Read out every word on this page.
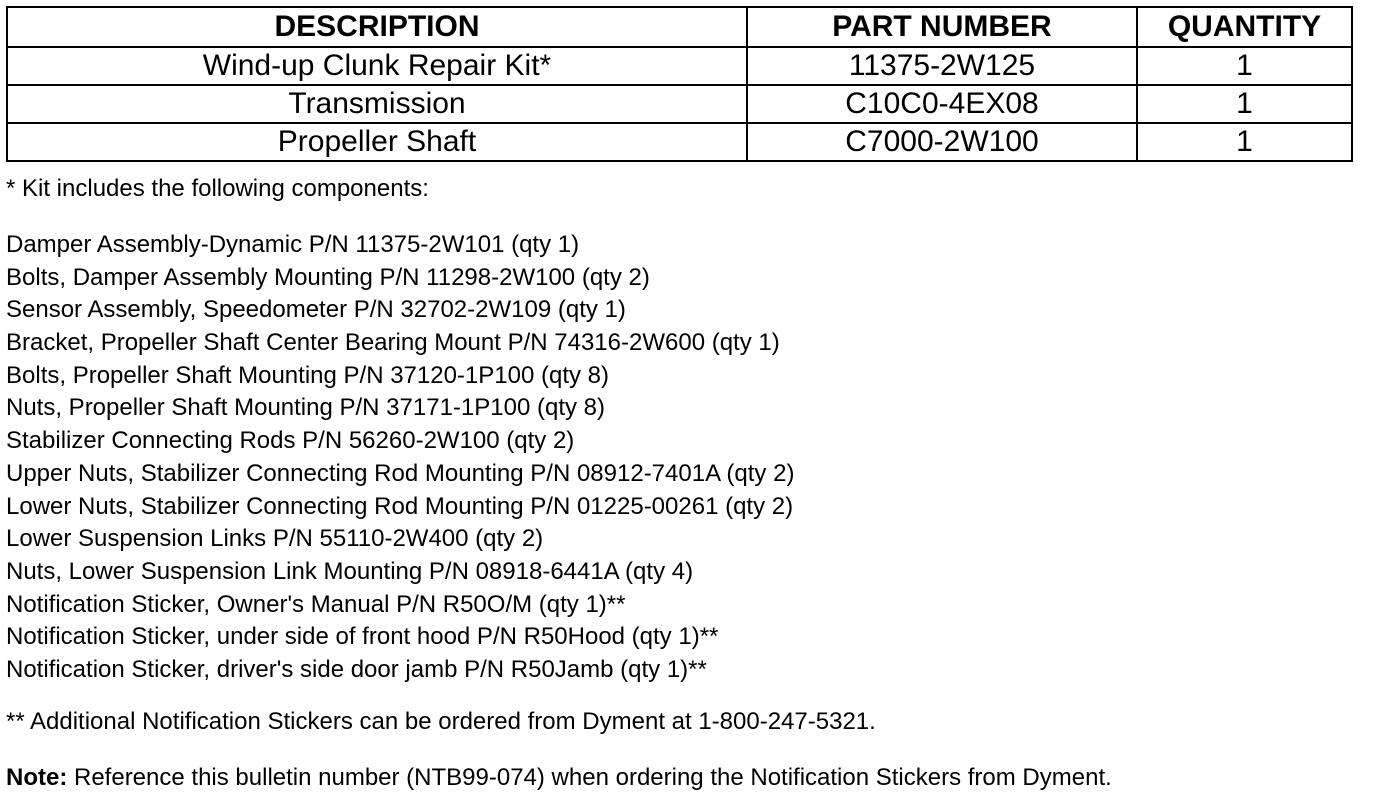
DESCRIPTION	PART NUMBER	QUANTITY
Wind-up Clunk Repair Kit*	11375-2W125	1
Transmission	C10C0-4EX08	1
Propeller Shaft	C7000-2W100	1
* Kit includes the following components:
Damper Assembly-Dynamic P/N 11375-2W101 (qty 1)
Bolts, Damper Assembly Mounting P/N 11298-2W100 (qty 2)
Sensor Assembly, Speedometer P/N 32702-2W109 (qty 1)
Bracket, Propeller Shaft Center Bearing Mount P/N 74316-2W600 (qty 1)
Bolts, Propeller Shaft Mounting P/N 37120-1P100 (qty 8)
Nuts, Propeller Shaft Mounting P/N 37171-1P100 (qty 8)
Stabilizer Connecting Rods P/N 56260-2W100 (qty 2)
Upper Nuts, Stabilizer Connecting Rod Mounting P/N 08912-7401A (qty 2)
Lower Nuts, Stabilizer Connecting Rod Mounting P/N 01225-00261 (qty 2)
Lower Suspension Links P/N 55110-2W400 (qty 2)
Nuts, Lower Suspension Link Mounting P/N 08918-6441A (qty 4)
Notification Sticker, Owner's Manual P/N R50O/M (qty 1)**
Notification Sticker, under side of front hood P/N R50Hood (qty 1)**
Notification Sticker, driver's side door jamb P/N R50Jamb (qty 1)**
** Additional Notification Stickers can be ordered from Dyment at 1-800-247-5321.
Note: Reference this bulletin number (NTB99-074) when ordering the Notification Stickers from Dyment.
